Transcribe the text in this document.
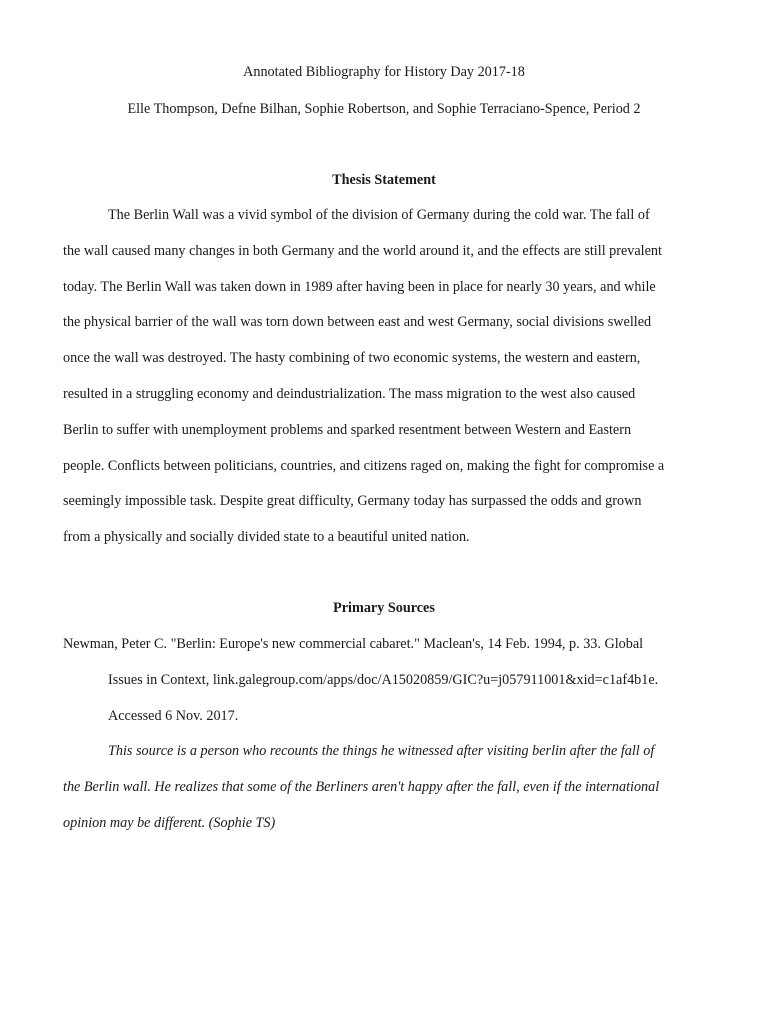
Annotated Bibliography for History Day 2017-18
Elle Thompson, Defne Bilhan, Sophie Robertson, and Sophie Terraciano-Spence, Period 2
Thesis Statement
The Berlin Wall was a vivid symbol of the division of Germany during the cold war. The fall of
the wall caused many changes in both Germany and the world around it, and the effects are still prevalent
today. The Berlin Wall was taken down in 1989 after having been in place for nearly 30 years, and while
the physical barrier of the wall was torn down between east and west Germany, social divisions swelled
once the wall was destroyed. The hasty combining of two economic systems, the western and eastern,
resulted in a struggling economy and deindustrialization. The mass migration to the west also caused
Berlin to suffer with unemployment problems and sparked resentment between Western and Eastern
people. Conflicts between politicians, countries, and citizens raged on, making the fight for compromise a
seemingly impossible task. Despite great difficulty, Germany today has surpassed the odds and grown
from a physically and socially divided state to a beautiful united nation.
Primary Sources
Newman, Peter C. "Berlin: Europe's new commercial cabaret." Maclean's, 14 Feb. 1994, p. 33. Global
Issues in Context, link.galegroup.com/apps/doc/A15020859/GIC?u=j057911001&xid=c1af4b1e.
Accessed 6 Nov. 2017.
This source is a person who recounts the things he witnessed after visiting berlin after the fall of
the Berlin wall. He realizes that some of the Berliners aren't happy after the fall, even if the international
opinion may be different. (Sophie TS)
